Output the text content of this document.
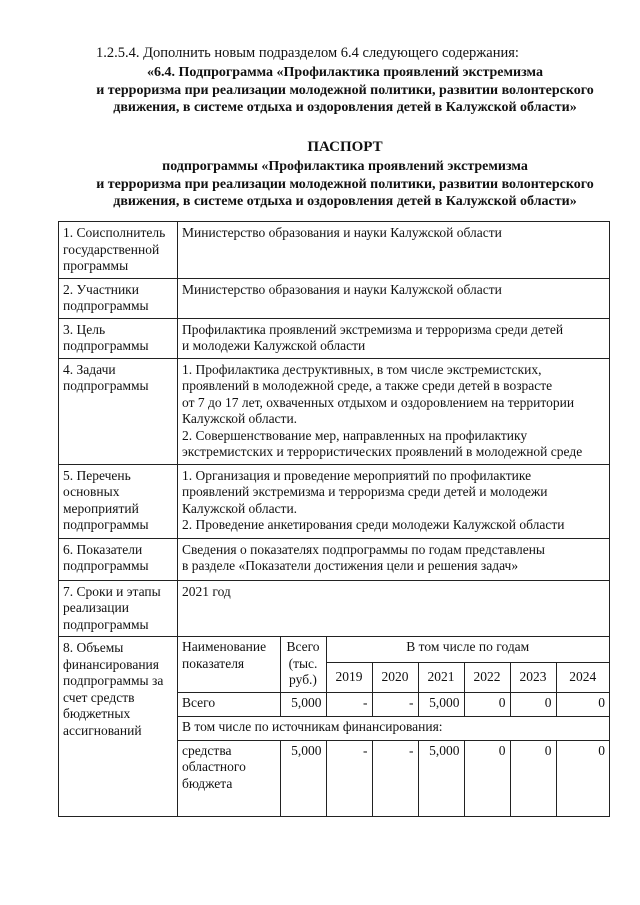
1.2.5.4. Дополнить новым подразделом 6.4 следующего содержания:
«6.4. Подпрограмма «Профилактика проявлений экстремизма
и терроризма при реализации молодежной политики, развитии волонтерского
движения, в системе отдыха и оздоровления детей в Калужской области»
ПАСПОРТ
подпрограммы «Профилактика проявлений экстремизма
и терроризма при реализации молодежной политики, развитии волонтерского
движения, в системе отдыха и оздоровления детей в Калужской области»
1. Соисполнитель государственной программы	
Министерство образования и науки Калужской области

2. Участники подпрограммы	
Министерство образования и науки Калужской области

3. Цель подпрограммы	
Профилактика проявлений экстремизма и терроризма среди детей
и молодежи Калужской области

4. Задачи подпрограммы	
1. Профилактика деструктивных, в том числе экстремистских,
проявлений в молодежной среде, а также среди детей в возрасте
от 7 до 17 лет, охваченных отдыхом и оздоровлением на территории
Калужской области.
2. Совершенствование мер, направленных на профилактику
экстремистских и террористических проявлений в молодежной среде

5. Перечень основных мероприятий подпрограммы	
1. Организация и проведение мероприятий по профилактике
проявлений экстремизма и терроризма среди детей и молодежи
Калужской области.
2. Проведение анкетирования среди молодежи Калужской области

6. Показатели подпрограммы	
Сведения о показателях подпрограммы по годам представлены
в разделе «Показатели достижения цели и решения задач»

7. Сроки и этапы реализации подпрограммы	
2021 год

8. Объемы финансирования подпрограммы за счет средств бюджетных ассигнований	
Наименование показателя	Всего (тыс. руб.)	В том числе по годам
2019	2020	2021	2022	2023	2024
Всего	5,000	-	-	5,000	0	0	0
В том числе по источникам финансирования:
средства областного бюджета	5,000	-	-	5,000	0	0	0
